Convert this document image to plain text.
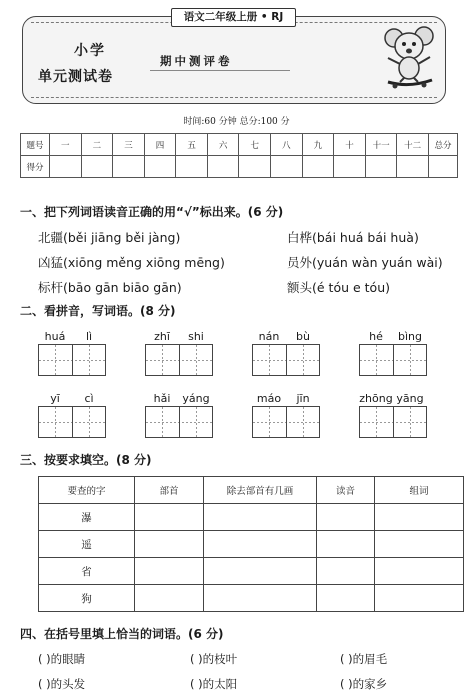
语文二年级上册 • RJ
小学
单元测试卷
期中测评卷
时间:60 分钟 总分:100 分
题号	一	二	三	四	五	六	七	八	九	十	十一	十二	总分
得分													
一、把下列词语读音正确的用“√”标出来。(6 分)
北疆(běi jiāng běi jàng)	白桦(bái huá bái huà)
凶猛(xiōng měng xiōng mēng)	员外(yuán wàn yuán wài)
标杆(bāo gān biāo gān)	额头(é tóu e tóu)
二、看拼音，写词语。(8 分)
huá	lì	zhī	shi	nán	bù	hé	bìng
yī	cì	hǎi	yáng	máo	jīn	zhōng yāng
三、按要求填空。(8 分)
要查的字	部首	除去部首有几画	读音	组词
瀑				
遥				
省				
狗				
四、在括号里填上恰当的词语。(6 分)
( )的眼睛	( )的枝叶	( )的眉毛
( )的头发	( )的太阳	( )的家乡
